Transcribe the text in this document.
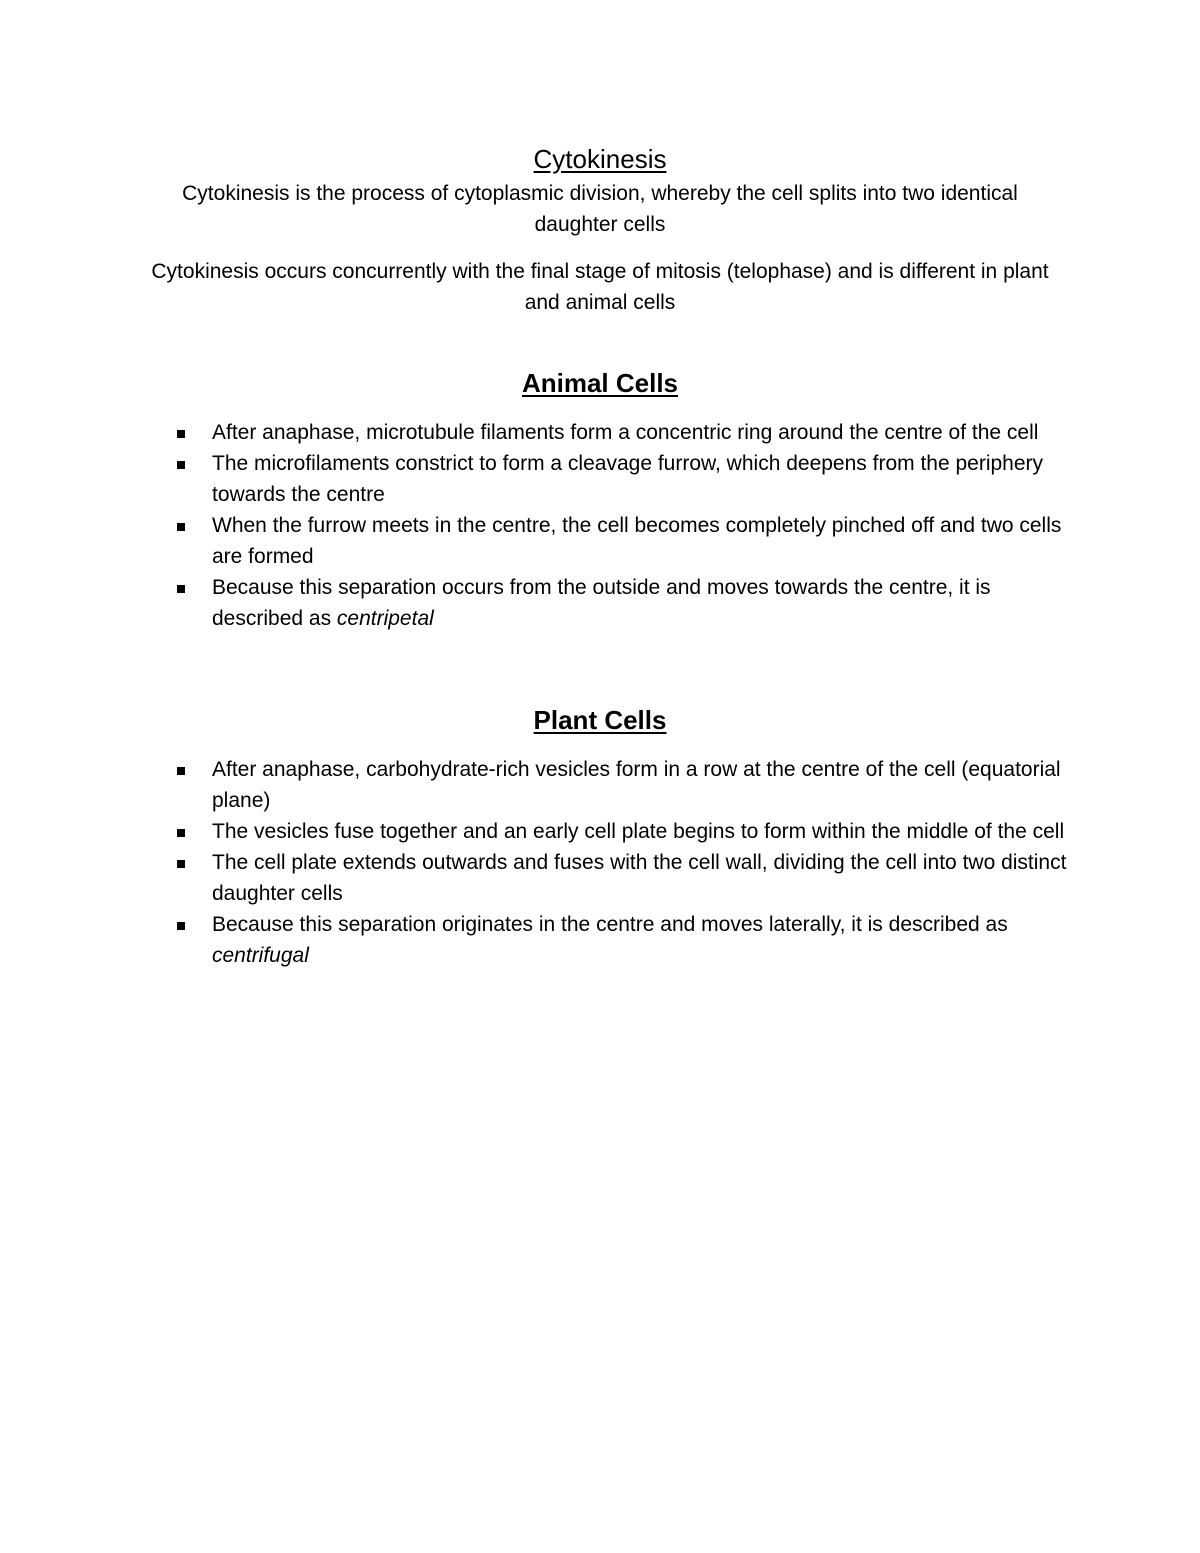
Cytokinesis

Cytokinesis is the process of cytoplasmic division, whereby the cell splits into two identical daughter cells

Cytokinesis occurs concurrently with the final stage of mitosis (telophase) and is different in plant and animal cells

Animal Cells
After anaphase, microtubule filaments form a concentric ring around the centre of the cell
The microfilaments constrict to form a cleavage furrow, which deepens from the periphery towards the centre
When the furrow meets in the centre, the cell becomes completely pinched off and two cells are formed
Because this separation occurs from the outside and moves towards the centre, it is described as centripetal
Plant Cells
After anaphase, carbohydrate-rich vesicles form in a row at the centre of the cell (equatorial plane)
The vesicles fuse together and an early cell plate begins to form within the middle of the cell
The cell plate extends outwards and fuses with the cell wall, dividing the cell into two distinct daughter cells
Because this separation originates in the centre and moves laterally, it is described as centrifugal
